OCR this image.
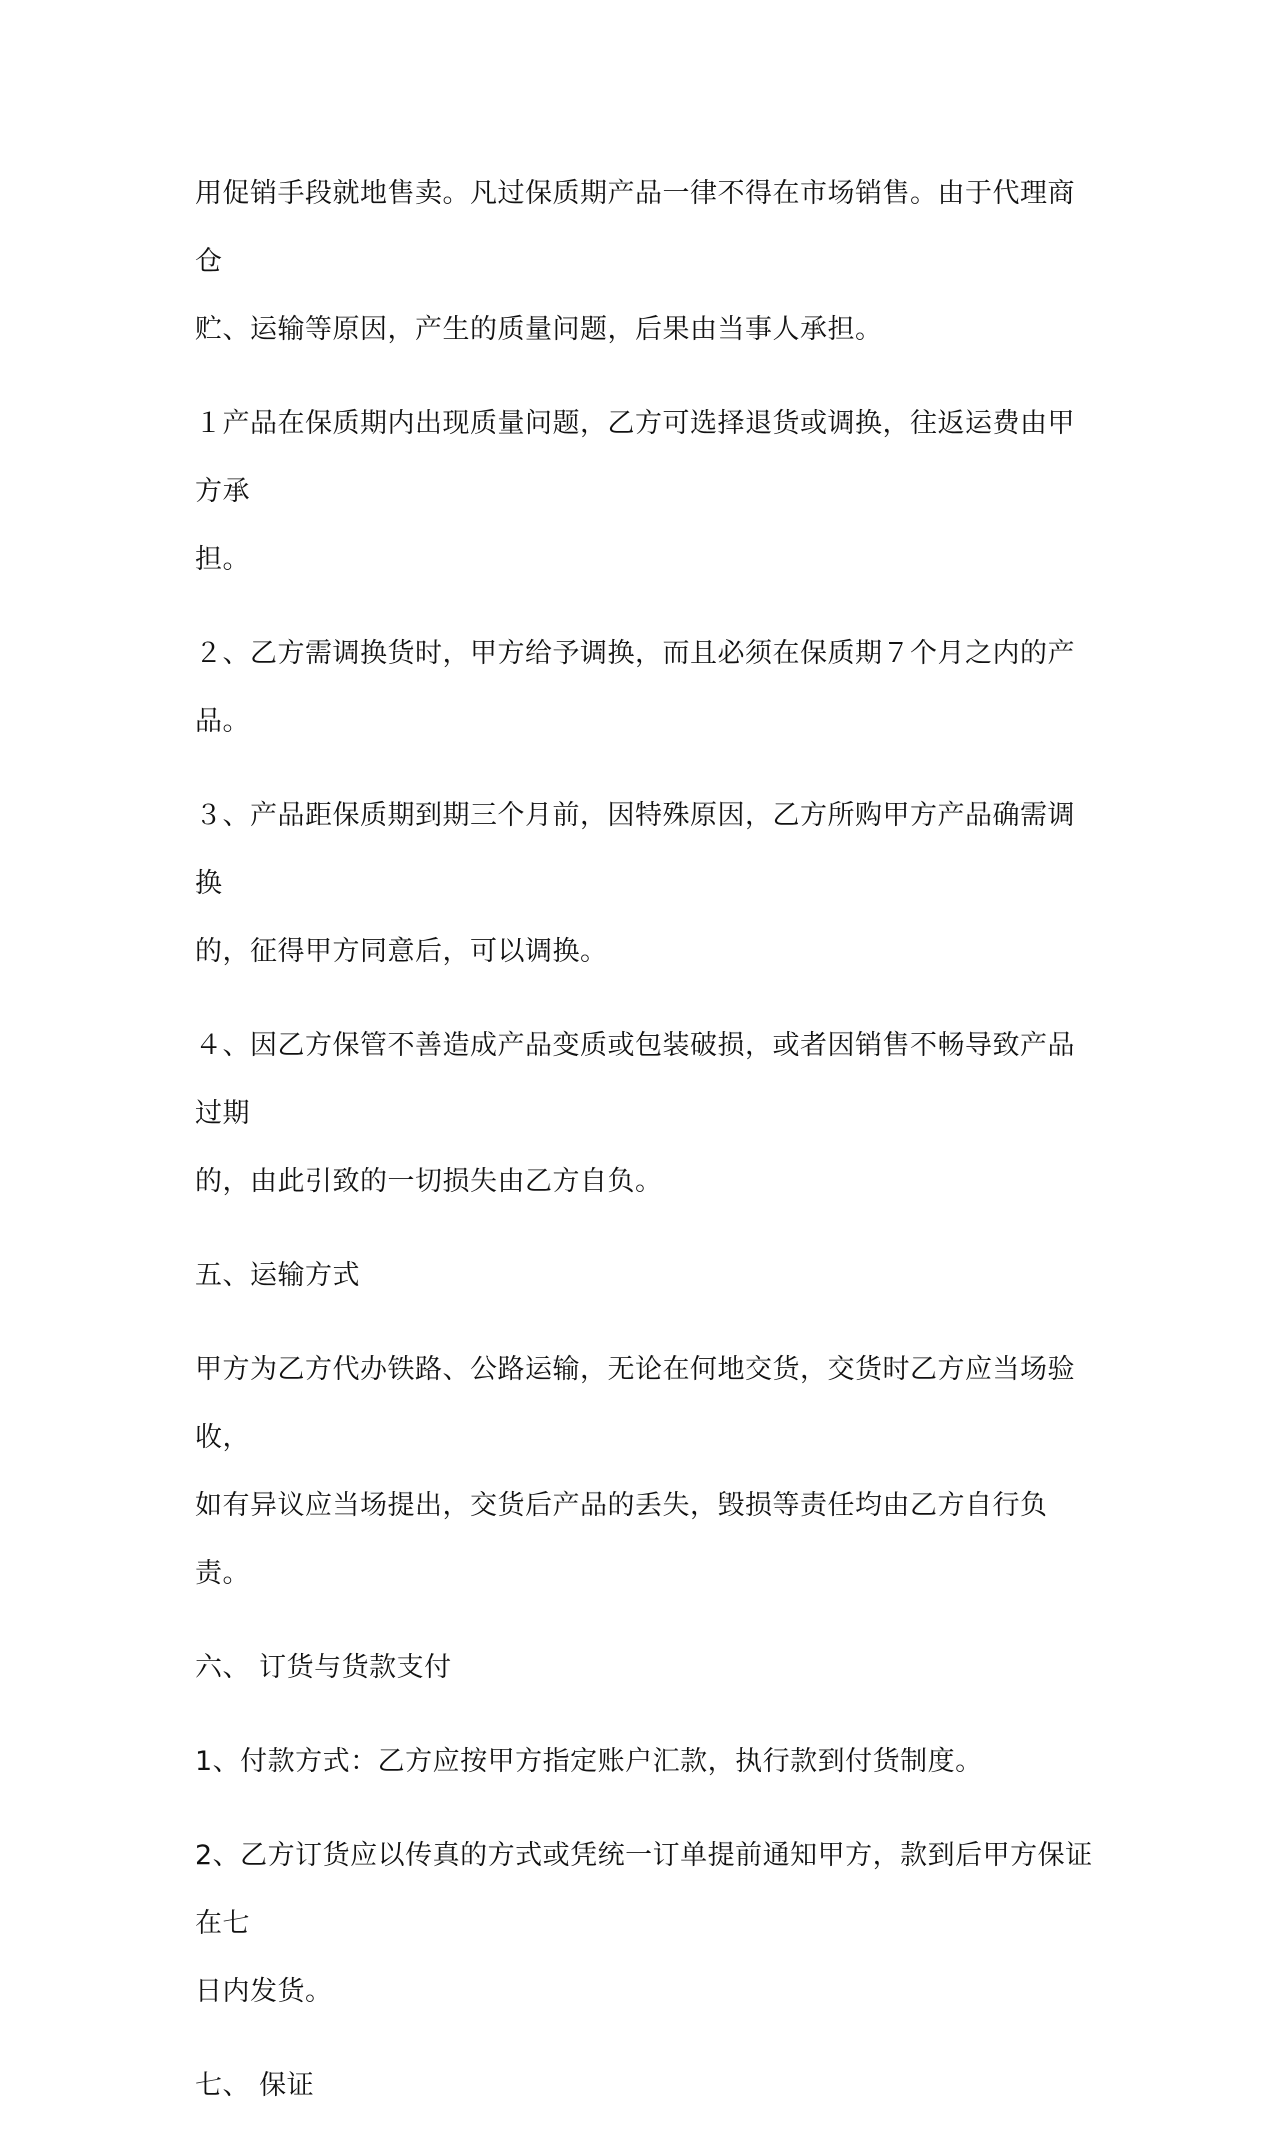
用促销手段就地售卖。凡过保质期产品一律不得在市场销售。由于代理商仓
贮、运输等原因，产生的质量问题，后果由当事人承担。
１产品在保质期内出现质量问题，乙方可选择退货或调换，往返运费由甲方承
担。
２、乙方需调换货时，甲方给予调换，而且必须在保质期７个月之内的产品。
３、产品距保质期到期三个月前，因特殊原因，乙方所购甲方产品确需调换
的，征得甲方同意后，可以调换。
４、因乙方保管不善造成产品变质或包装破损，或者因销售不畅导致产品过期
的，由此引致的一切损失由乙方自负。
五、运输方式
甲方为乙方代办铁路、公路运输，无论在何地交货，交货时乙方应当场验收，
如有异议应当场提出，交货后产品的丢失，毁损等责任均由乙方自行负责。
六、 订货与货款支付
1、付款方式：乙方应按甲方指定账户汇款，执行款到付货制度。
2、乙方订货应以传真的方式或凭统一订单提前通知甲方，款到后甲方保证在七
日内发货。
七、 保证
